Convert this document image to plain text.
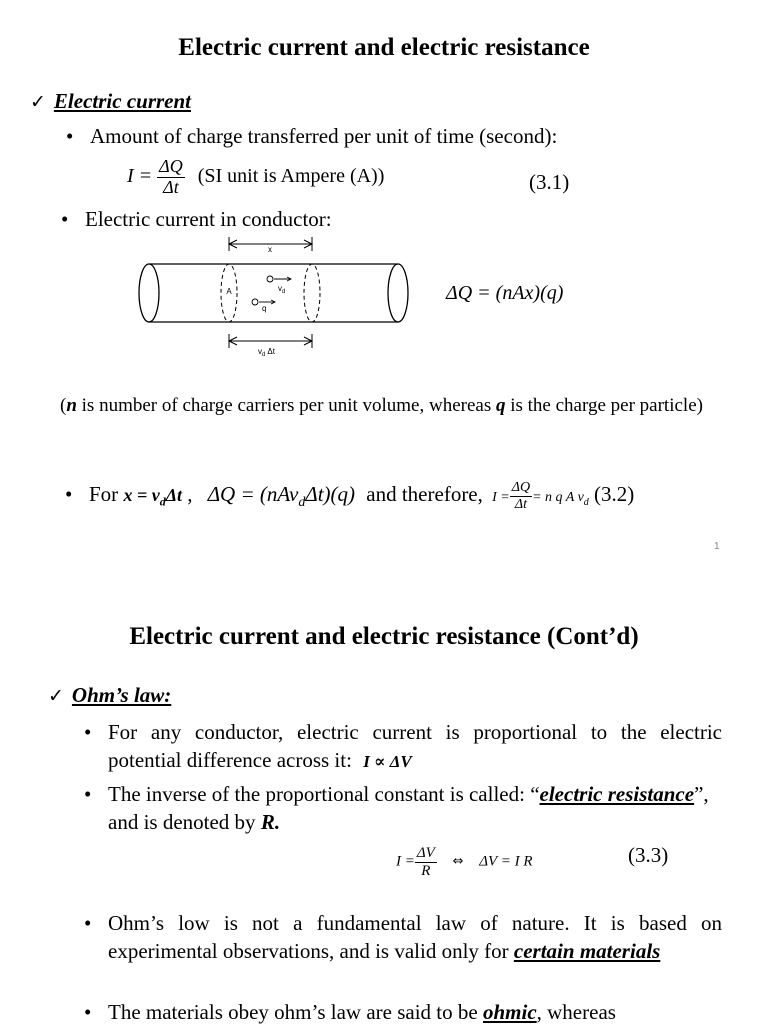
Electric current and electric resistance
✓ Electric current
• Amount of charge transferred per unit of time (second):
$I = \frac{\Delta Q}{\Delta t} (SI$ unit is Ampere (A))	(3.1)
• Electric current in conductor:
x
A	$v_d$
q
$v_d$ Δt
ΔQ = (nAx)(q)
(n is number of charge carriers per unit volume, whereas q is the charge per particle)
• For $x = v_d\Delta t$ , ΔQ = (nAv$_d$Δt)(q) and therefore, $I = \frac{\Delta Q}{\Delta t} = n$ q A $v_d$ (3.2)
1
Electric current and electric resistance (Cont’d)
✓ Ohm’s law:
• For any conductor, electric current is proportional to the electric potential difference across it: I ∝ ΔV
• The inverse of the proportional constant is called: “electric resistance”, and is denoted by R.
$I = \frac{\Delta V}{R}$ ⇔ ΔV = I R	(3.3)
• Ohm’s low is not a fundamental law of nature. It is based on experimental observations, and is valid only for certain materials
• The materials obey ohm’s law are said to be ohmic, whereas
